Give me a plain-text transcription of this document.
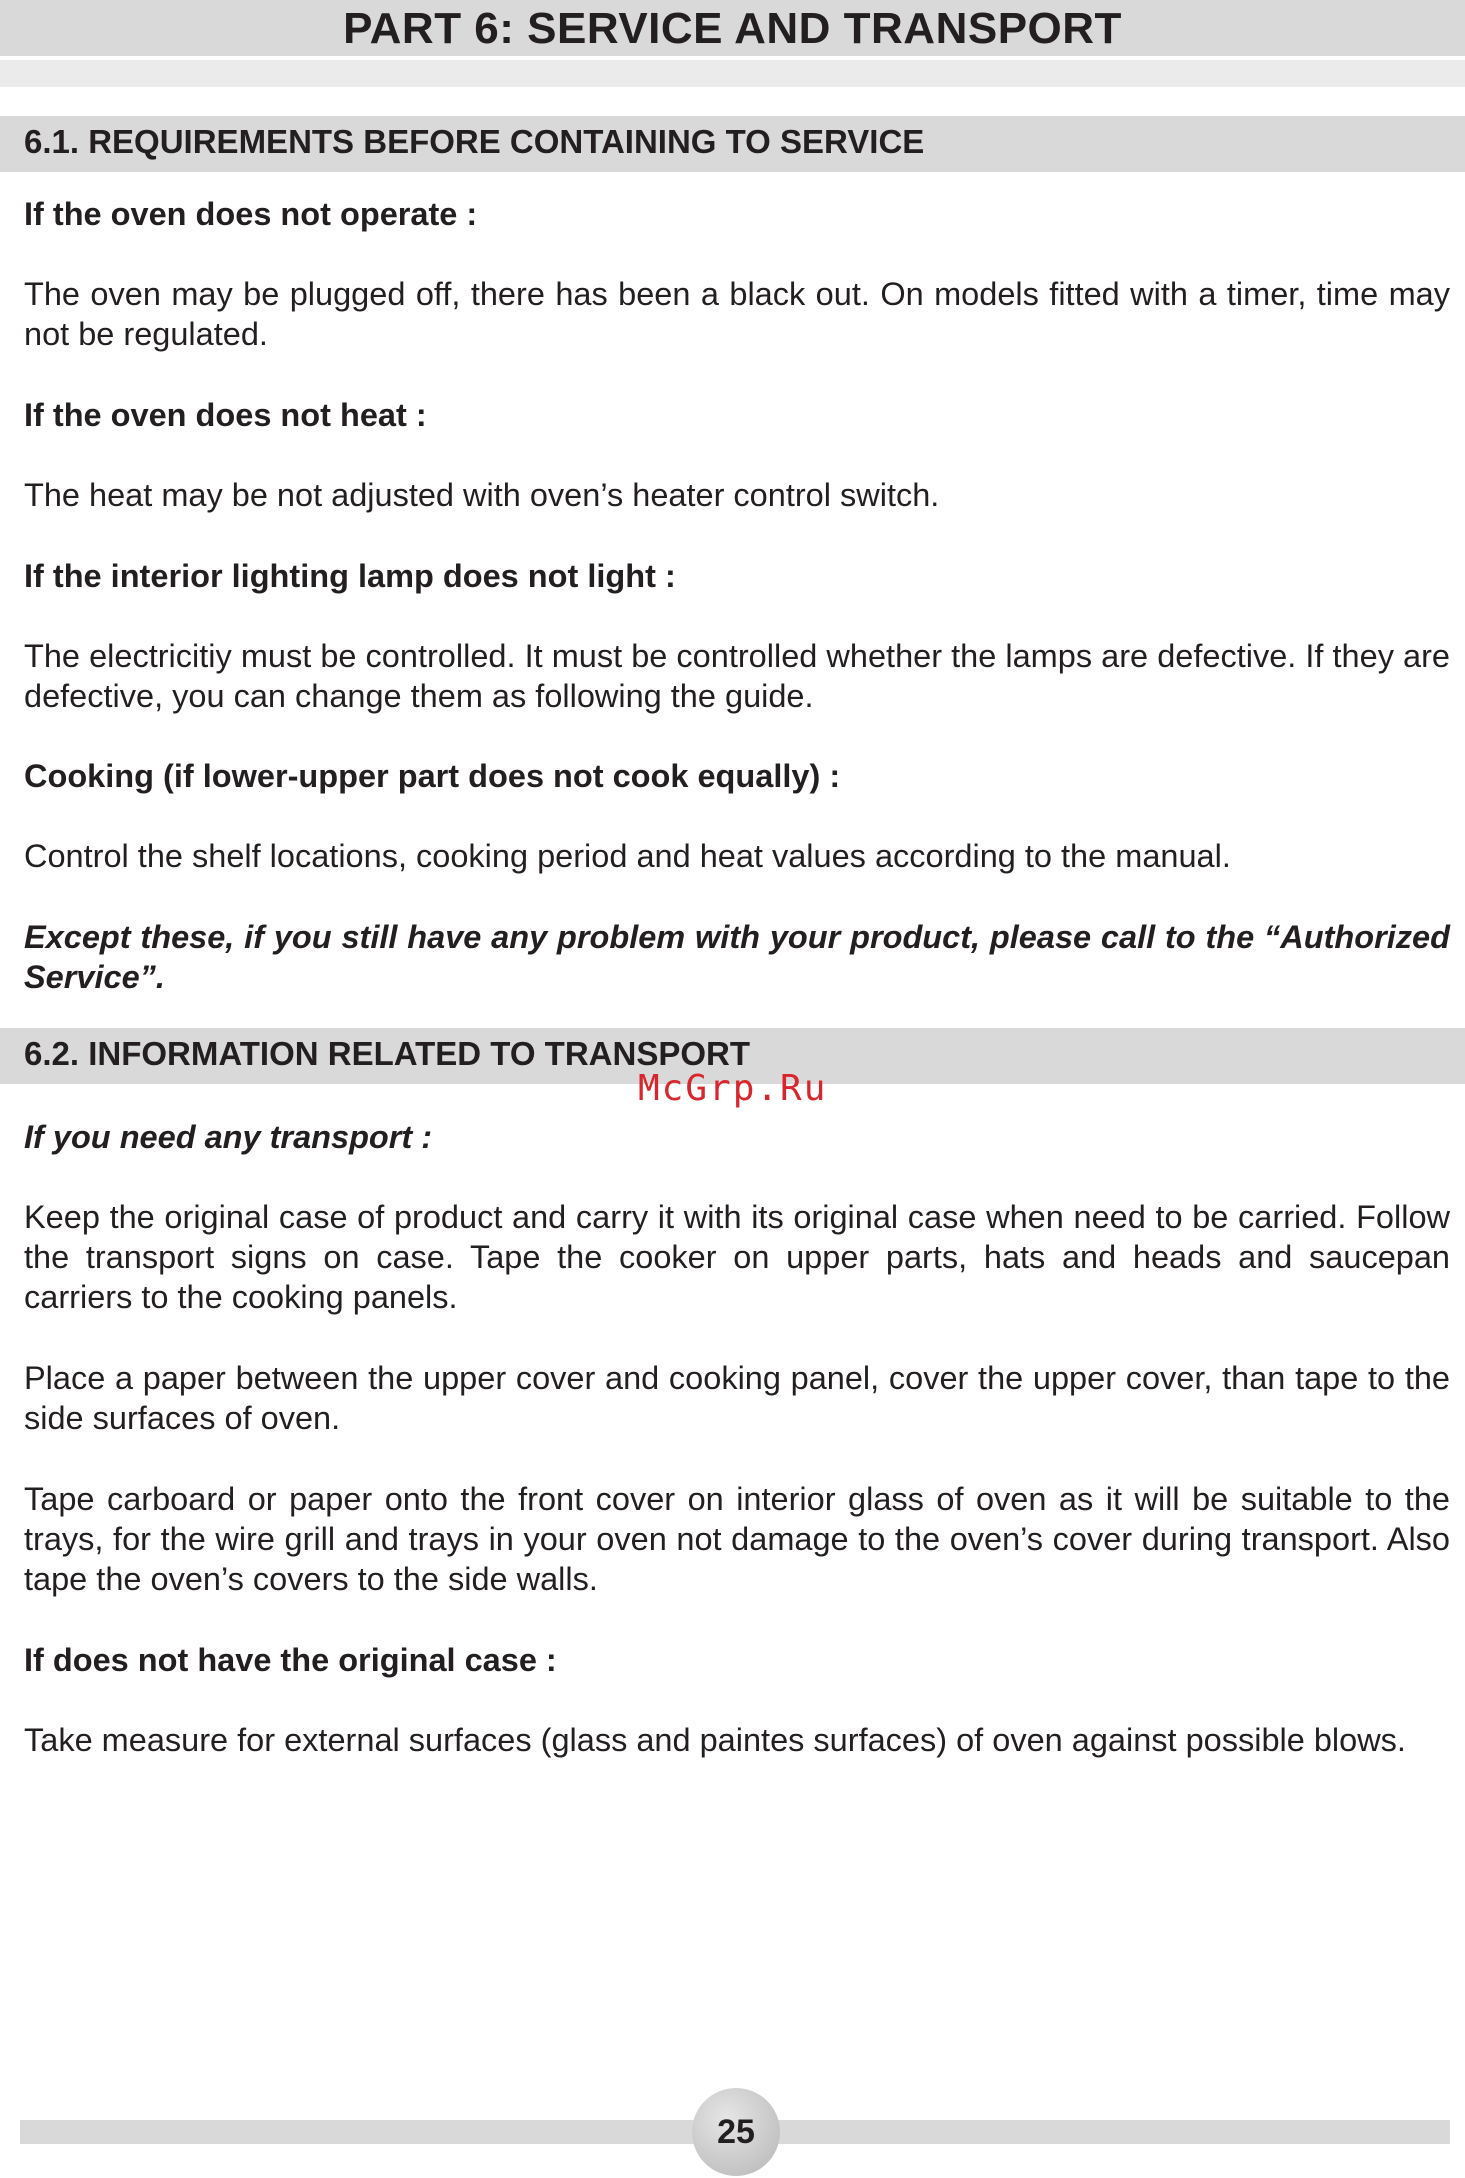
PART 6: SERVICE AND TRANSPORT
6.1. REQUIREMENTS BEFORE CONTAINING TO SERVICE

If the oven does not operate :

The oven may be plugged off, there has been a black out. On models fitted with a timer, time may not be regulated.

If the oven does not heat :

The heat may be not adjusted with oven’s heater control switch.

If the interior lighting lamp does not light :

The electricitiy must be controlled. It must be controlled whether the lamps are defective. If they are defective, you can change them as following the guide.

Cooking (if lower-upper part does not cook equally) :

Control the shelf locations, cooking period and heat values according to the manual.

Except these, if you still have any problem with your product, please call to the “Authorized Service”.

6.2. INFORMATION RELATED TO TRANSPORT
McGrp.Ru

If you need any transport :

Keep the original case of product and carry it with its original case when need to be carried. Follow the transport signs on case. Tape the cooker on upper parts, hats and heads and saucepan carriers to the cooking panels.

Place a paper between the upper cover and cooking panel, cover the upper cover, than tape to the side surfaces of oven.

Tape carboard or paper onto the front cover on interior glass of oven as it will be suitable to the trays, for the wire grill and trays in your oven not damage to the oven’s cover during transport. Also tape the oven’s covers to the side walls.

If does not have the original case :

Take measure for external surfaces (glass and paintes surfaces) of oven against possible blows.

25
